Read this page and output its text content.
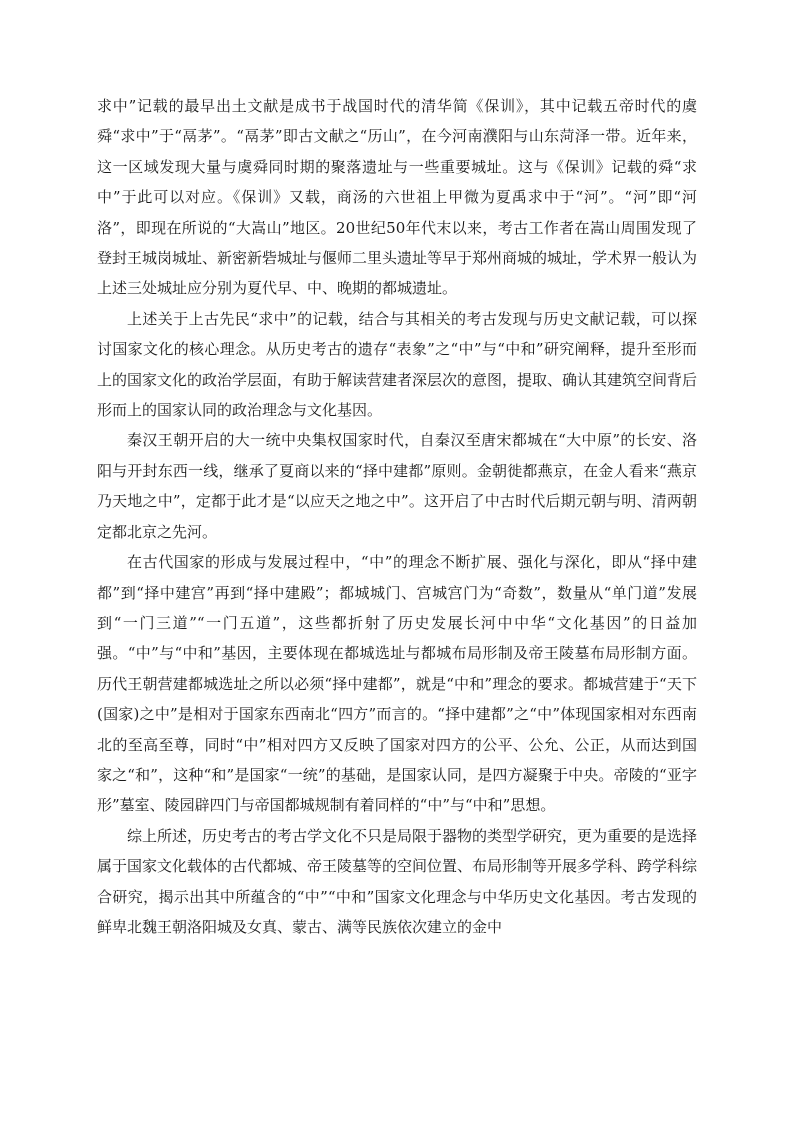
求中”记载的最早出土文献是成书于战国时代的清华简《保训》，其中记载五帝时代的虞舜“求中”于“鬲茅”。“鬲茅”即古文献之“历山”，在今河南濮阳与山东菏泽一带。近年来，这一区域发现大量与虞舜同时期的聚落遗址与一些重要城址。这与《保训》记载的舜“求中”于此可以对应。《保训》又载，商汤的六世祖上甲微为夏禹求中于“河”。“河”即“河洛”，即现在所说的“大嵩山”地区。20世纪50年代末以来，考古工作者在嵩山周围发现了登封王城岗城址、新密新砦城址与偃师二里头遗址等早于郑州商城的城址，学术界一般认为上述三处城址应分别为夏代早、中、晚期的都城遗址。

上述关于上古先民“求中”的记载，结合与其相关的考古发现与历史文献记载，可以探讨国家文化的核心理念。从历史考古的遗存“表象”之“中”与“中和”研究阐释，提升至形而上的国家文化的政治学层面，有助于解读营建者深层次的意图，提取、确认其建筑空间背后形而上的国家认同的政治理念与文化基因。

秦汉王朝开启的大一统中央集权国家时代，自秦汉至唐宋都城在“大中原”的长安、洛阳与开封东西一线，继承了夏商以来的“择中建都”原则。金朝徙都燕京，在金人看来“燕京乃天地之中”，定都于此才是“以应天之地之中”。这开启了中古时代后期元朝与明、清两朝定都北京之先河。

在古代国家的形成与发展过程中，“中”的理念不断扩展、强化与深化，即从“择中建都”到“择中建宫”再到“择中建殿”；都城城门、宫城宫门为“奇数”，数量从“单门道”发展到“一门三道”“一门五道”，这些都折射了历史发展长河中中华“文化基因”的日益加强。“中”与“中和”基因，主要体现在都城选址与都城布局形制及帝王陵墓布局形制方面。历代王朝营建都城选址之所以必须“择中建都”，就是“中和”理念的要求。都城营建于“天下(国家)之中”是相对于国家东西南北“四方”而言的。“择中建都”之“中”体现国家相对东西南北的至高至尊，同时“中”相对四方又反映了国家对四方的公平、公允、公正，从而达到国家之“和”，这种“和”是国家“一统”的基础，是国家认同，是四方凝聚于中央。帝陵的“亚字形”墓室、陵园辟四门与帝国都城规制有着同样的“中”与“中和”思想。

综上所述，历史考古的考古学文化不只是局限于器物的类型学研究，更为重要的是选择属于国家文化载体的古代都城、帝王陵墓等的空间位置、布局形制等开展多学科、跨学科综合研究，揭示出其中所蕴含的“中”“中和”国家文化理念与中华历史文化基因。考古发现的鲜卑北魏王朝洛阳城及女真、蒙古、满等民族依次建立的金中
